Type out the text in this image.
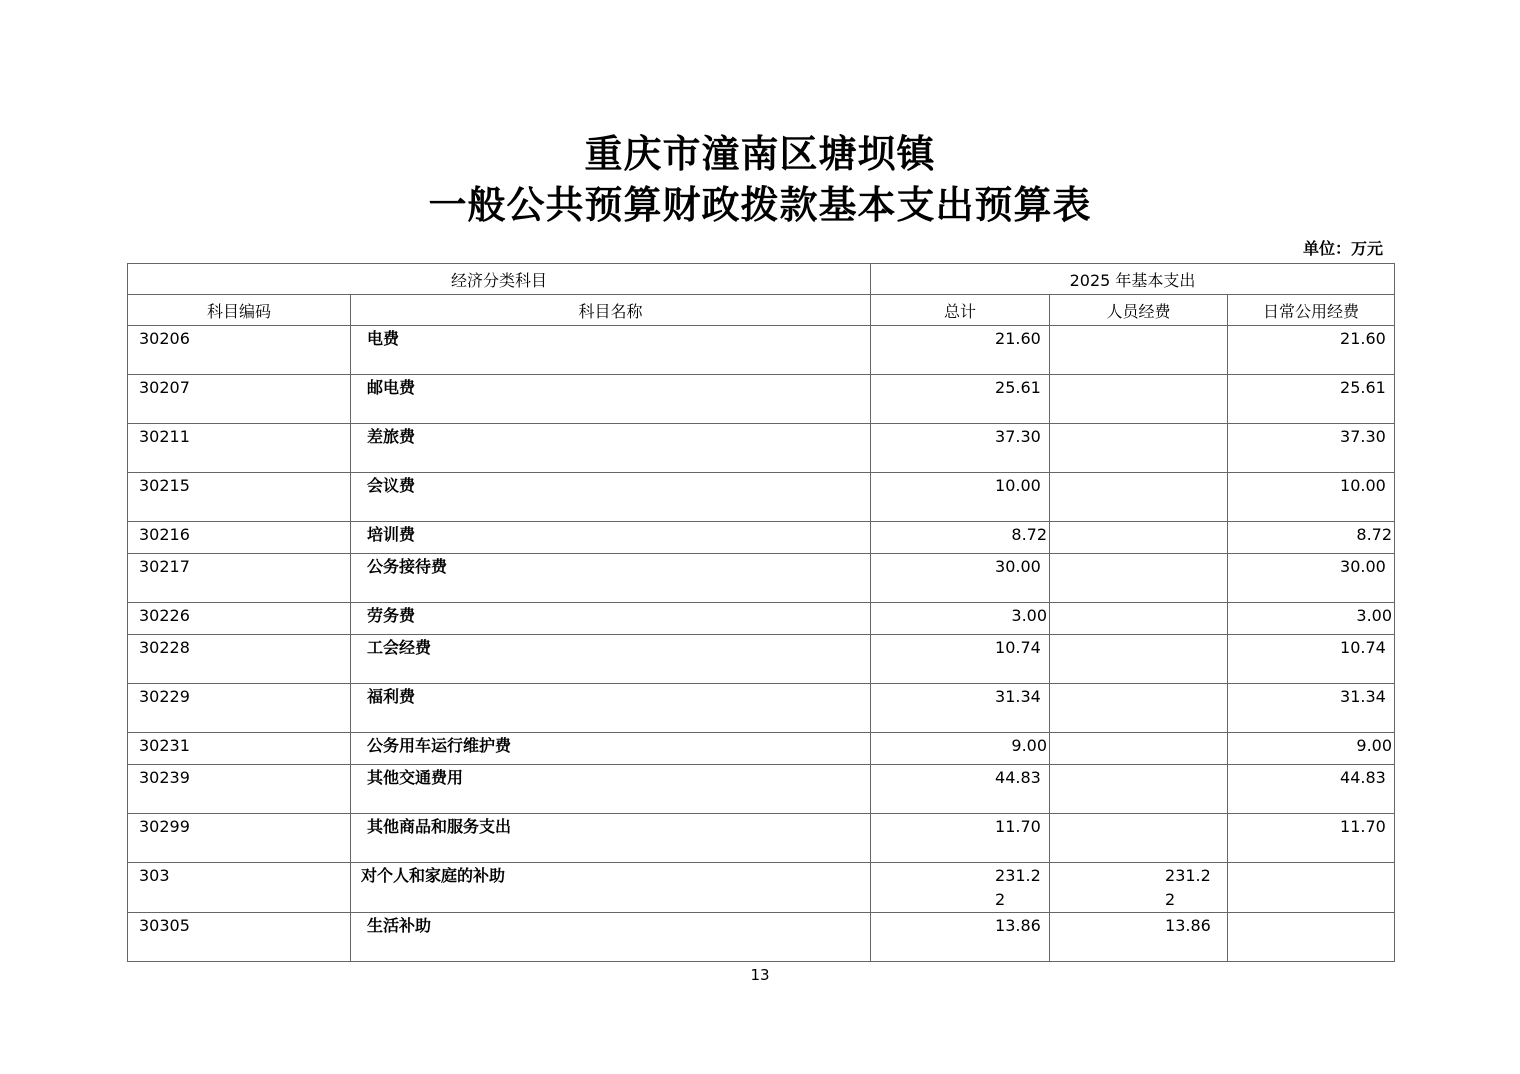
重庆市潼南区塘坝镇
一般公共预算财政拨款基本支出预算表
单位：万元
经济分类科目		2025 年基本支出		
科目编码	科目名称	总计	人员经费	日常公用经费
30206	电费	21.60		21.60

30207	邮电费	25.61		25.61

30211	差旅费	37.30		37.30

30215	会议费	10.00		10.00

30216	培训费	8.72		8.72

30217	公务接待费	30.00		30.00

30226	劳务费	3.00		3.00

30228	工会经费	10.74		10.74

30229	福利费	31.34		31.34

30231	公务用车运行维护费	9.00		9.00

30239	其他交通费用	44.83		44.83

30299	其他商品和服务支出	11.70		11.70

303	对个人和家庭的补助	231.22	231.22	

30305	生活补助	13.86	13.86	

13
